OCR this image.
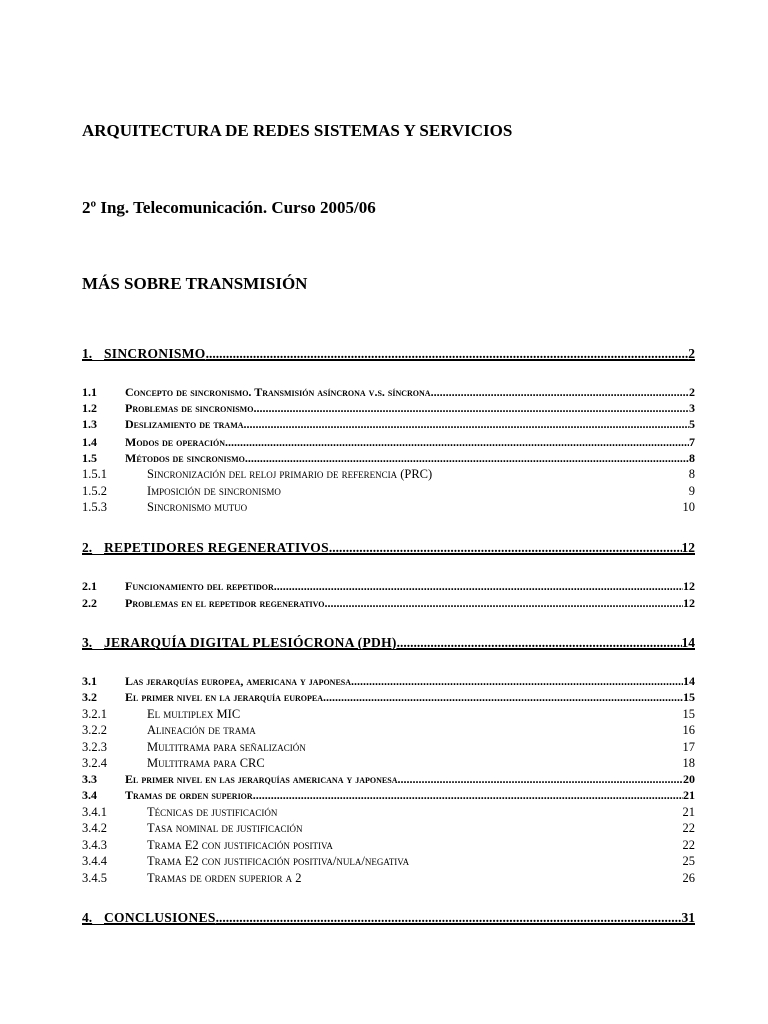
ARQUITECTURA DE REDES SISTEMAS Y SERVICIOS
2º Ing. Telecomunicación. Curso 2005/06
MÁS SOBRE TRANSMISIÓN
1. SINCRONISMO .....	2
1.1	Concepto de sincronismo. Transmisión asíncrona v.s. síncrona .....	2
1.2	Problemas de sincronismo .....	3
1.3	Deslizamiento de trama .....	5
1.4	Modos de operación .....	7
1.5	Métodos de sincronismo .....	8
1.5.1	Sincronización del reloj primario de referencia (PRC)	8
1.5.2	Imposición de sincronismo	9
1.5.3	Sincronismo mutuo	10
2. REPETIDORES REGENERATIVOS .....	12
2.1	Funcionamiento del repetidor .....	12
2.2	Problemas en el repetidor regenerativo .....	12
3. JERARQUÍA DIGITAL PLESIÓCRONA (PDH) .....	14
3.1	Las jerarquías europea, americana y japonesa .....	14
3.2	El primer nivel en la jerarquía europea .....	15
3.2.1	El multiplex MIC	15
3.2.2	Alineación de trama	16
3.2.3	Multitrama para señalización	17
3.2.4	Multitrama para CRC	18
3.3	El primer nivel en las jerarquías americana y japonesa .....	20
3.4	Tramas de orden superior .....	21
3.4.1	Técnicas de justificación	21
3.4.2	Tasa nominal de justificación	22
3.4.3	Trama E2 con justificación positiva	22
3.4.4	Trama E2 con justificación positiva/nula/negativa	25
3.4.5	Tramas de orden superior a 2	26
4. CONCLUSIONES .....	31
